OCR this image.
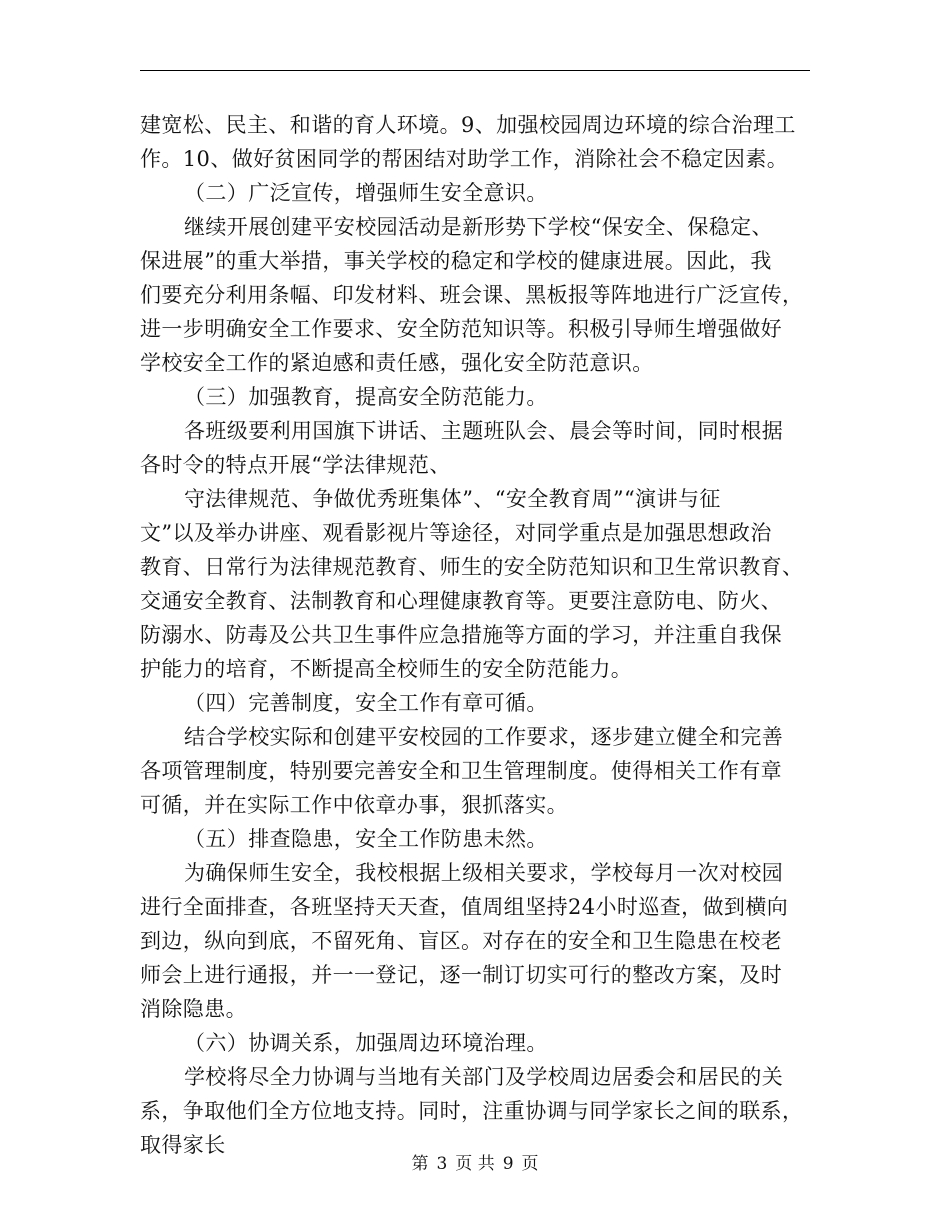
建宽松、民主、和谐的育人环境。9、加强校园周边环境的综合治理工
作。10、做好贫困同学的帮困结对助学工作，消除社会不稳定因素。
（二）广泛宣传，增强师生安全意识。
继续开展创建平安校园活动是新形势下学校“保安全、保稳定、
保进展”的重大举措，事关学校的稳定和学校的健康进展。因此，我
们要充分利用条幅、印发材料、班会课、黑板报等阵地进行广泛宣传，
进一步明确安全工作要求、安全防范知识等。积极引导师生增强做好
学校安全工作的紧迫感和责任感，强化安全防范意识。
（三）加强教育，提高安全防范能力。
各班级要利用国旗下讲话、主题班队会、晨会等时间，同时根据
各时令的特点开展“学法律规范、
守法律规范、争做优秀班集体”、“安全教育周”“演讲与征
文”以及举办讲座、观看影视片等途径，对同学重点是加强思想政治
教育、日常行为法律规范教育、师生的安全防范知识和卫生常识教育、
交通安全教育、法制教育和心理健康教育等。更要注意防电、防火、
防溺水、防毒及公共卫生事件应急措施等方面的学习，并注重自我保
护能力的培育，不断提高全校师生的安全防范能力。
（四）完善制度，安全工作有章可循。
结合学校实际和创建平安校园的工作要求，逐步建立健全和完善
各项管理制度，特别要完善安全和卫生管理制度。使得相关工作有章
可循，并在实际工作中依章办事，狠抓落实。
（五）排查隐患，安全工作防患未然。
为确保师生安全，我校根据上级相关要求，学校每月一次对校园
进行全面排查，各班坚持天天查，值周组坚持24小时巡查，做到横向
到边，纵向到底，不留死角、盲区。对存在的安全和卫生隐患在校老
师会上进行通报，并一一登记，逐一制订切实可行的整改方案，及时
消除隐患。
（六）协调关系，加强周边环境治理。
学校将尽全力协调与当地有关部门及学校周边居委会和居民的关
系，争取他们全方位地支持。同时，注重协调与同学家长之间的联系，
取得家长
第 3 页 共 9 页
